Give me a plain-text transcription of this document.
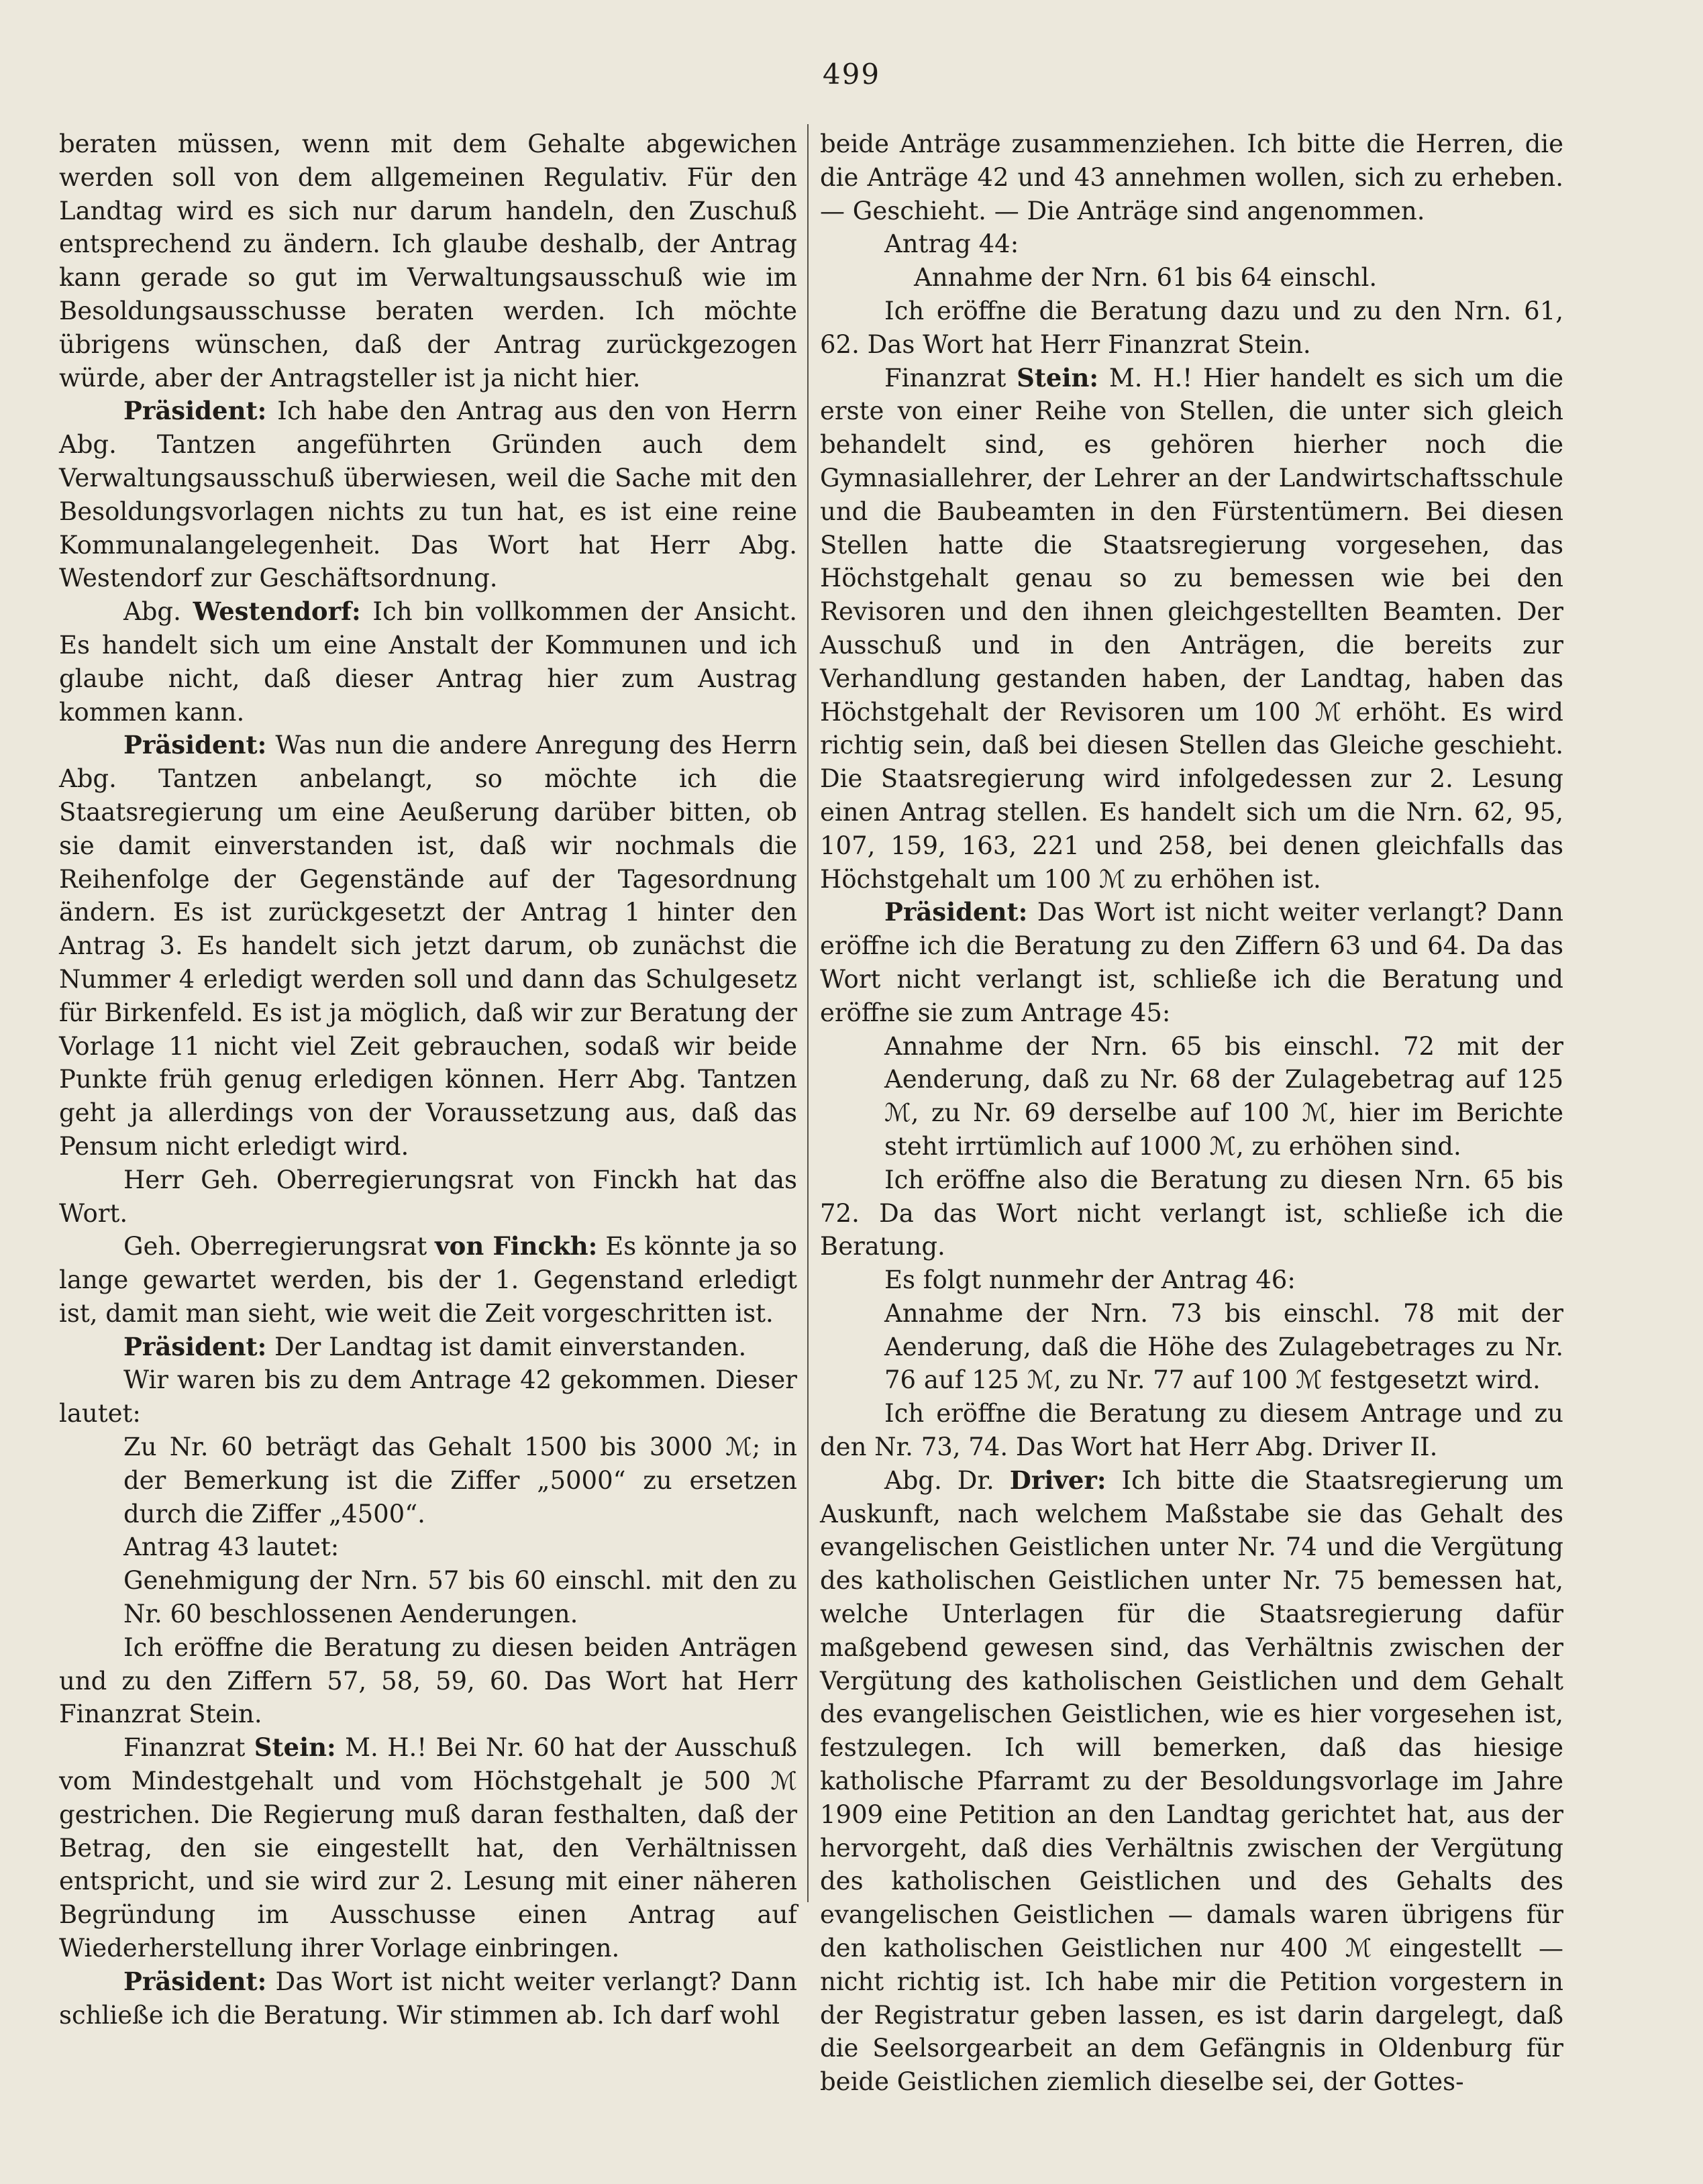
499

beraten müssen, wenn mit dem Gehalte abgewichen werden soll von dem allgemeinen Regulativ. Für den Landtag wird es sich nur darum handeln, den Zuschuß entsprechend zu ändern. Ich glaube deshalb, der Antrag kann gerade so gut im Verwaltungsausschuß wie im Besoldungsausschusse beraten werden. Ich möchte übrigens wünschen, daß der Antrag zurückgezogen würde, aber der Antragsteller ist ja nicht hier.

Präsident: Ich habe den Antrag aus den von Herrn Abg. Tantzen angeführten Gründen auch dem Verwaltungsausschuß überwiesen, weil die Sache mit den Besoldungsvorlagen nichts zu tun hat, es ist eine reine Kommunalangelegenheit. Das Wort hat Herr Abg. Westendorf zur Geschäftsordnung.

Abg. Westendorf: Ich bin vollkommen der Ansicht. Es handelt sich um eine Anstalt der Kommunen und ich glaube nicht, daß dieser Antrag hier zum Austrag kommen kann.

Präsident: Was nun die andere Anregung des Herrn Abg. Tantzen anbelangt, so möchte ich die Staatsregierung um eine Aeußerung darüber bitten, ob sie damit einverstanden ist, daß wir nochmals die Reihenfolge der Gegenstände auf der Tagesordnung ändern. Es ist zurückgesetzt der Antrag 1 hinter den Antrag 3. Es handelt sich jetzt darum, ob zunächst die Nummer 4 erledigt werden soll und dann das Schulgesetz für Birkenfeld. Es ist ja möglich, daß wir zur Beratung der Vorlage 11 nicht viel Zeit gebrauchen, sodaß wir beide Punkte früh genug erledigen können. Herr Abg. Tantzen geht ja allerdings von der Voraussetzung aus, daß das Pensum nicht erledigt wird.

Herr Geh. Oberregierungsrat von Finckh hat das Wort.

Geh. Oberregierungsrat von Finckh: Es könnte ja so lange gewartet werden, bis der 1. Gegenstand erledigt ist, damit man sieht, wie weit die Zeit vorgeschritten ist.

Präsident: Der Landtag ist damit einverstanden.

Wir waren bis zu dem Antrage 42 gekommen. Dieser lautet:

Zu Nr. 60 beträgt das Gehalt 1500 bis 3000 ℳ; in der Bemerkung ist die Ziffer „5000“ zu ersetzen durch die Ziffer „4500“.

Antrag 43 lautet:

Genehmigung der Nrn. 57 bis 60 einschl. mit den zu Nr. 60 beschlossenen Aenderungen.

Ich eröffne die Beratung zu diesen beiden Anträgen und zu den Ziffern 57, 58, 59, 60. Das Wort hat Herr Finanzrat Stein.

Finanzrat Stein: M. H.! Bei Nr. 60 hat der Ausschuß vom Mindestgehalt und vom Höchstgehalt je 500 ℳ gestrichen. Die Regierung muß daran festhalten, daß der Betrag, den sie eingestellt hat, den Verhältnissen entspricht, und sie wird zur 2. Lesung mit einer näheren Begründung im Ausschusse einen Antrag auf Wiederherstellung ihrer Vorlage einbringen.

Präsident: Das Wort ist nicht weiter verlangt? Dann schließe ich die Beratung. Wir stimmen ab. Ich darf wohl

beide Anträge zusammenziehen. Ich bitte die Herren, die die Anträge 42 und 43 annehmen wollen, sich zu erheben. — Geschieht. — Die Anträge sind angenommen.

Antrag 44:

Annahme der Nrn. 61 bis 64 einschl.

Ich eröffne die Beratung dazu und zu den Nrn. 61, 62. Das Wort hat Herr Finanzrat Stein.

Finanzrat Stein: M. H.! Hier handelt es sich um die erste von einer Reihe von Stellen, die unter sich gleich behandelt sind, es gehören hierher noch die Gymnasiallehrer, der Lehrer an der Landwirtschaftsschule und die Baubeamten in den Fürstentümern. Bei diesen Stellen hatte die Staatsregierung vorgesehen, das Höchstgehalt genau so zu bemessen wie bei den Revisoren und den ihnen gleichgestellten Beamten. Der Ausschuß und in den Anträgen, die bereits zur Verhandlung gestanden haben, der Landtag, haben das Höchstgehalt der Revisoren um 100 ℳ erhöht. Es wird richtig sein, daß bei diesen Stellen das Gleiche geschieht. Die Staatsregierung wird infolgedessen zur 2. Lesung einen Antrag stellen. Es handelt sich um die Nrn. 62, 95, 107, 159, 163, 221 und 258, bei denen gleichfalls das Höchstgehalt um 100 ℳ zu erhöhen ist.

Präsident: Das Wort ist nicht weiter verlangt? Dann eröffne ich die Beratung zu den Ziffern 63 und 64. Da das Wort nicht verlangt ist, schließe ich die Beratung und eröffne sie zum Antrage 45:

Annahme der Nrn. 65 bis einschl. 72 mit der Aenderung, daß zu Nr. 68 der Zulagebetrag auf 125 ℳ, zu Nr. 69 derselbe auf 100 ℳ, hier im Berichte steht irrtümlich auf 1000 ℳ, zu erhöhen sind.

Ich eröffne also die Beratung zu diesen Nrn. 65 bis 72. Da das Wort nicht verlangt ist, schließe ich die Beratung.

Es folgt nunmehr der Antrag 46:

Annahme der Nrn. 73 bis einschl. 78 mit der Aenderung, daß die Höhe des Zulagebetrages zu Nr. 76 auf 125 ℳ, zu Nr. 77 auf 100 ℳ festgesetzt wird.

Ich eröffne die Beratung zu diesem Antrage und zu den Nr. 73, 74. Das Wort hat Herr Abg. Driver II.

Abg. Dr. Driver: Ich bitte die Staatsregierung um Auskunft, nach welchem Maßstabe sie das Gehalt des evangelischen Geistlichen unter Nr. 74 und die Vergütung des katholischen Geistlichen unter Nr. 75 bemessen hat, welche Unterlagen für die Staatsregierung dafür maßgebend gewesen sind, das Verhältnis zwischen der Vergütung des katholischen Geistlichen und dem Gehalt des evangelischen Geistlichen, wie es hier vorgesehen ist, festzulegen. Ich will bemerken, daß das hiesige katholische Pfarramt zu der Besoldungsvorlage im Jahre 1909 eine Petition an den Landtag gerichtet hat, aus der hervorgeht, daß dies Verhältnis zwischen der Vergütung des katholischen Geistlichen und des Gehalts des evangelischen Geistlichen — damals waren übrigens für den katholischen Geistlichen nur 400 ℳ eingestellt — nicht richtig ist. Ich habe mir die Petition vorgestern in der Registratur geben lassen, es ist darin dargelegt, daß die Seelsorgearbeit an dem Gefängnis in Oldenburg für beide Geistlichen ziemlich dieselbe sei, der Gottes-
